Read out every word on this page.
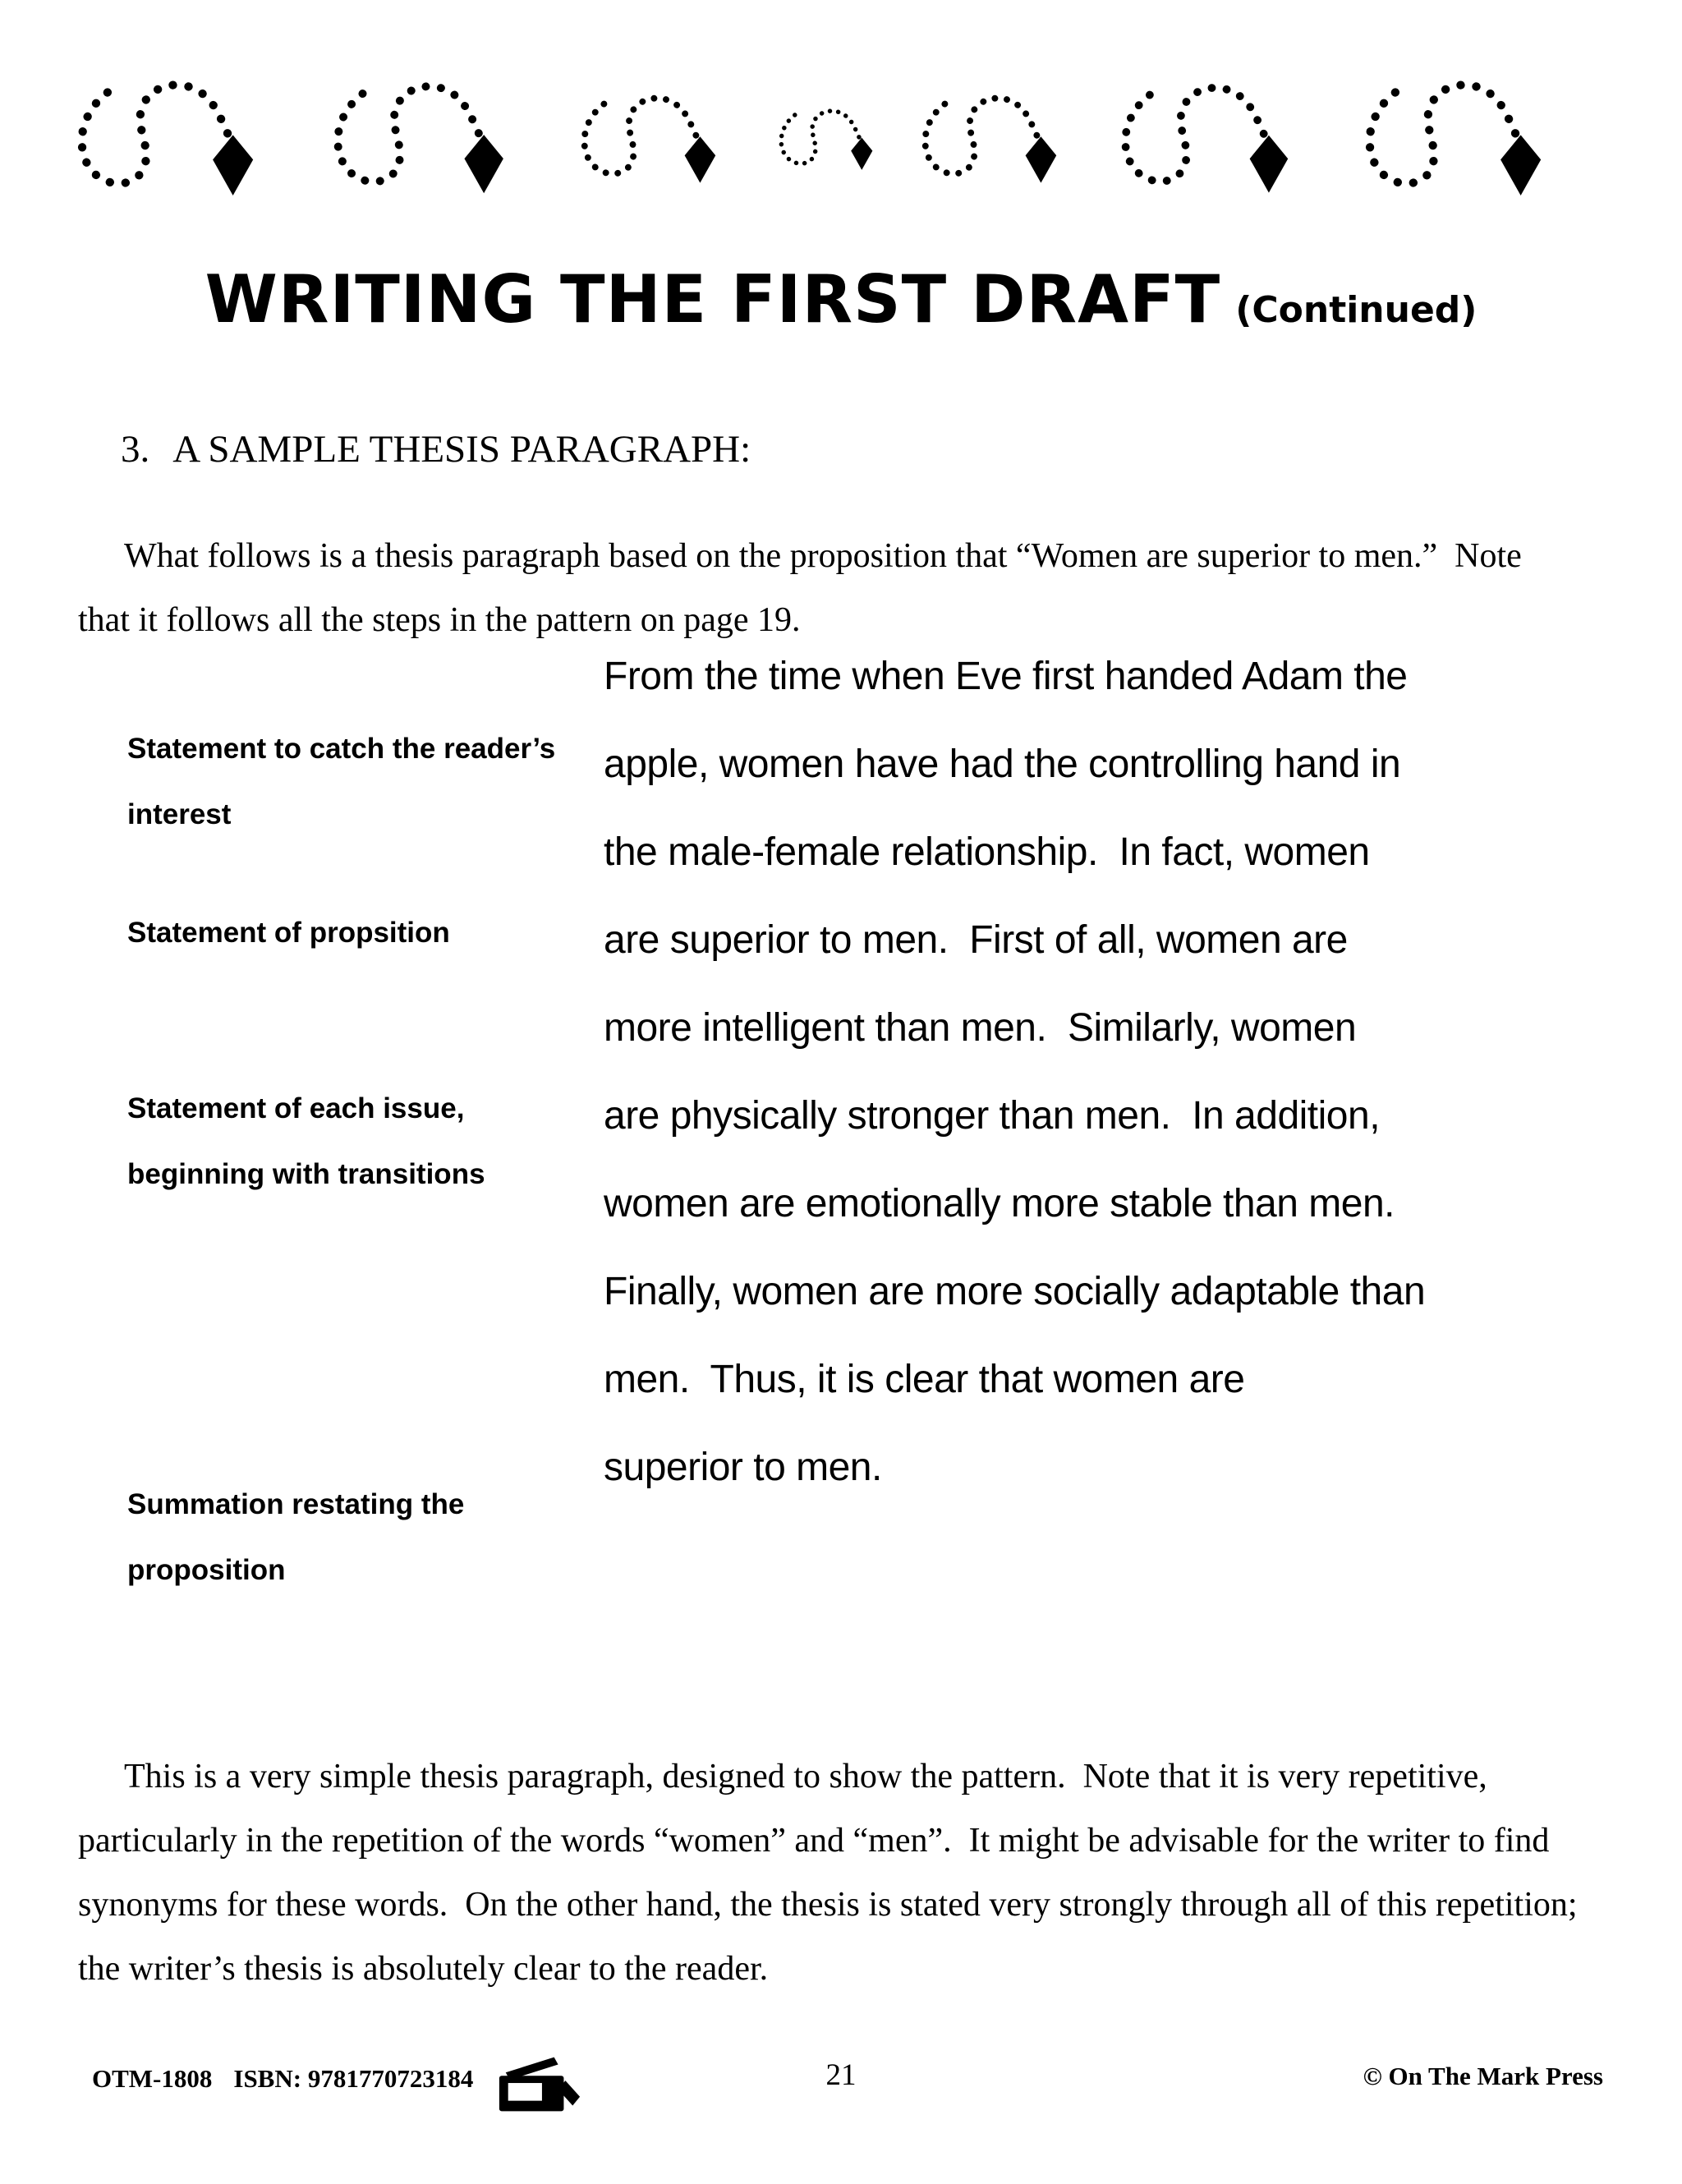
WRITING THE FIRST DRAFT (Continued)

3. A SAMPLE THESIS PARAGRAPH:

What follows is a thesis paragraph based on the proposition that “Women are superior to men.”  Note that it follows all the steps in the pattern on page 19.

Statement to catch the reader’s interest
Statement of propsition
Statement of each issue, beginning with transitions
Summation restating the proposition
From the time when Eve first handed Adam the
apple, women have had the controlling hand in
the male-female relationship.  In fact, women
are superior to men.  First of all, women are
more intelligent than men.  Similarly, women
are physically stronger than men.  In addition,
women are emotionally more stable than men.
Finally, women are more socially adaptable than
men.  Thus, it is clear that women are
superior to men.

This is a very simple thesis paragraph, designed to show the pattern.  Note that it is very repetitive, particularly in the repetition of the words “women” and “men”.  It might be advisable for the writer to find synonyms for these words.  On the other hand, the thesis is stated very strongly through all of this repetition; the writer’s thesis is absolutely clear to the reader.

OTM-1808 ISBN: 9781770723184	21	© On The Mark Press
